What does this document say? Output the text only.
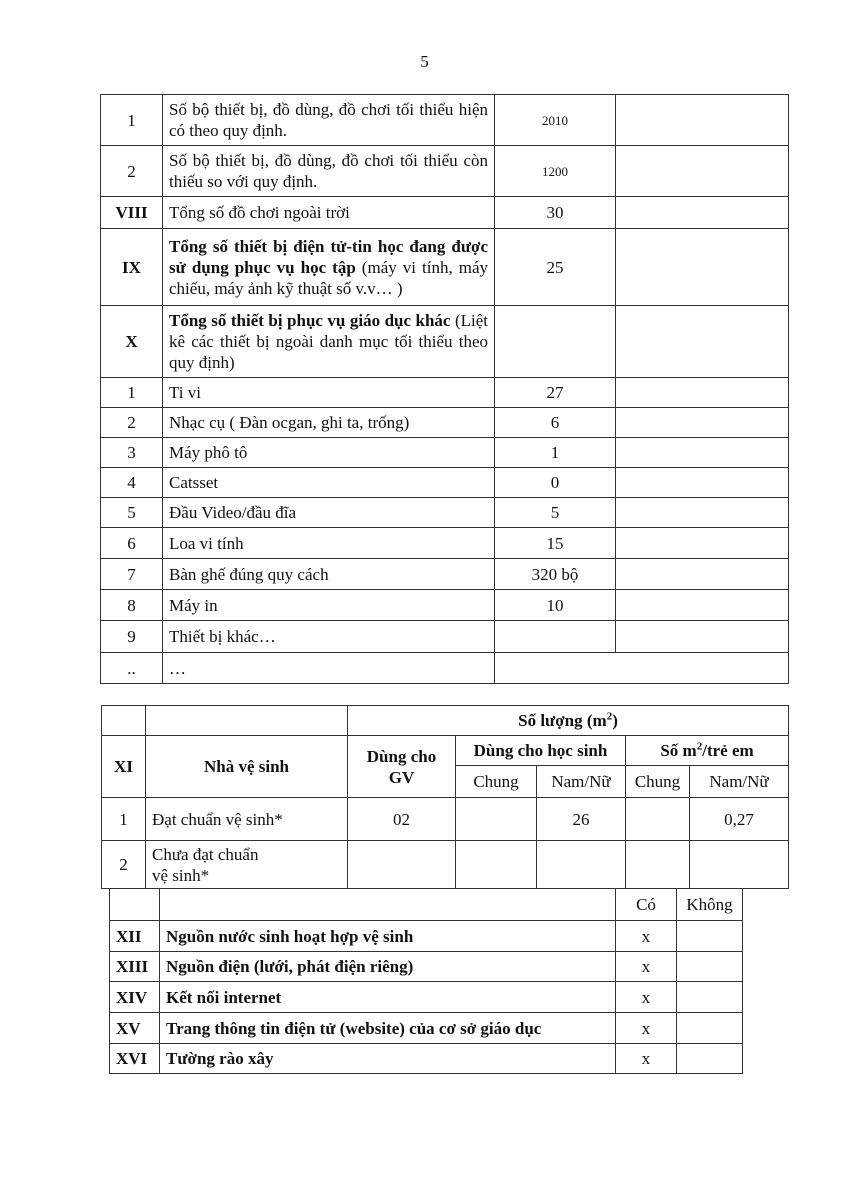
5
1	Số bộ thiết bị, đồ dùng, đồ chơi tối thiểu hiện có theo quy định.	2010	
2	Số bộ thiết bị, đồ dùng, đồ chơi tối thiểu còn thiếu so với quy định.	1200	
VIII	Tổng số đồ chơi ngoài trời	30	
IX	Tổng số thiết bị điện tử-tin học đang được sử dụng phục vụ học tập (máy vi tính, máy chiếu, máy ảnh kỹ thuật số v.v… )	25	
X	Tổng số thiết bị phục vụ giáo dục khác (Liệt kê các thiết bị ngoài danh mục tối thiểu theo quy định)		
1	Ti vi	27	
2	Nhạc cụ ( Đàn ocgan, ghi ta, trống)	6	
3	Máy phô tô	1	
4	Catsset	0	
5	Đầu Video/đầu đĩa	5	
6	Loa vi tính	15	
7	Bàn ghế đúng quy cách	320 bộ	
8	Máy in	10	
9	Thiết bị khác…		
..	…		
		Số lượng $(m^2)$				
XI	Nhà vệ sinh	Dùng cho GV	Dùng cho học sinh		Số $m^2$/trẻ em	
			Chung	Nam/Nữ	Chung	Nam/Nữ
1	Đạt chuẩn vệ sinh*	02		26		0,27
2	Chưa đạt chuẩn vệ sinh*					
		Có	Không
XII	Nguồn nước sinh hoạt hợp vệ sinh	x	
XIII	Nguồn điện (lưới, phát điện riêng)	x	
XIV	Kết nối internet	x	
XV	Trang thông tin điện tử (website) của cơ sở giáo dục	x	
XVI	Tường rào xây	x	
